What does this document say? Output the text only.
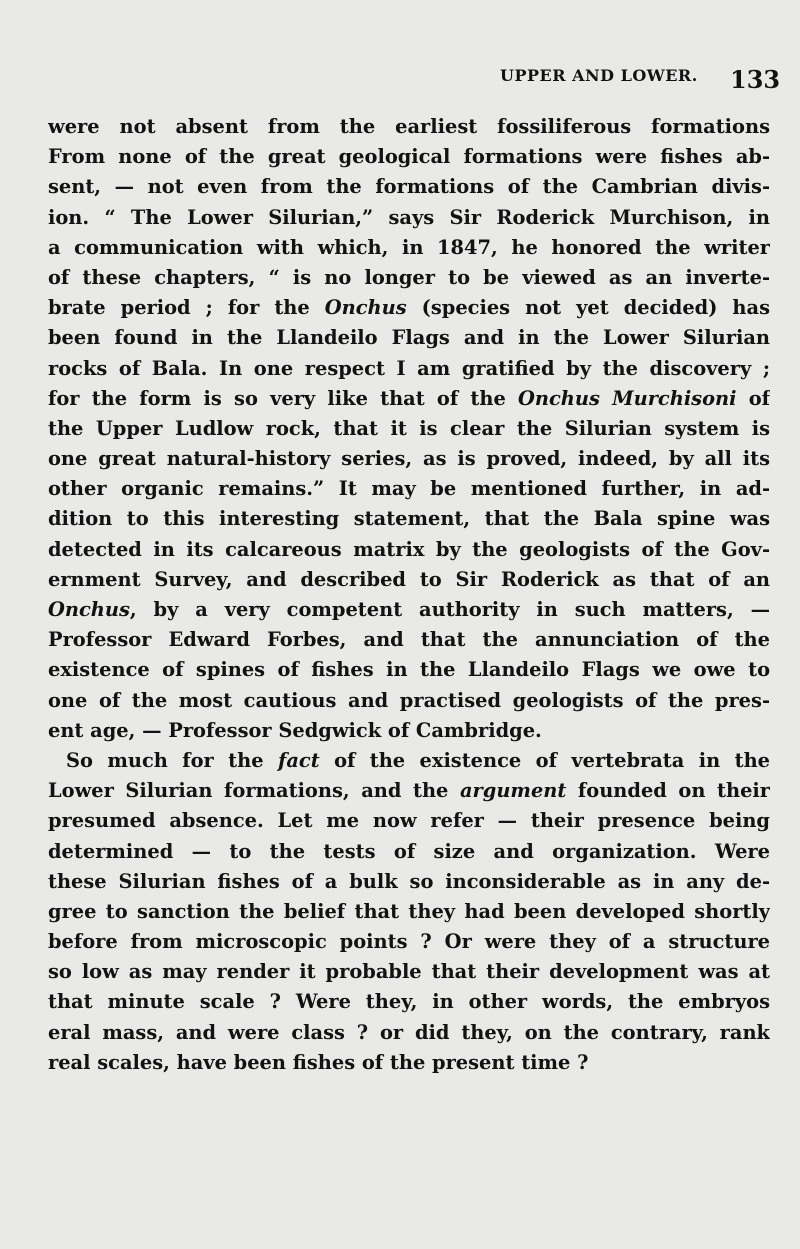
UPPER AND LOWER. 133
were not absent from the earliest fossiliferous formations
From none of the great geological formations were fishes ab-
sent, — not even from the formations of the Cambrian divis-
ion. “ The Lower Silurian,” says Sir Roderick Murchison, in
a communication with which, in 1847, he honored the writer
of these chapters, “ is no longer to be viewed as an inverte-
brate period ; for the Onchus (species not yet decided) has
been found in the Llandeilo Flags and in the Lower Silurian
rocks of Bala. In one respect I am gratified by the discovery ;
for the form is so very like that of the Onchus Murchisoni of
the Upper Ludlow rock, that it is clear the Silurian system is
one great natural-history series, as is proved, indeed, by all its
other organic remains.” It may be mentioned further, in ad-
dition to this interesting statement, that the Bala spine was
detected in its calcareous matrix by the geologists of the Gov-
ernment Survey, and described to Sir Roderick as that of an
Onchus, by a very competent authority in such matters, —
Professor Edward Forbes, and that the annunciation of the
existence of spines of fishes in the Llandeilo Flags we owe to
one of the most cautious and practised geologists of the pres-
ent age, — Professor Sedgwick of Cambridge.
So much for the fact of the existence of vertebrata in the
Lower Silurian formations, and the argument founded on their
presumed absence. Let me now refer — their presence being
determined — to the tests of size and organization. Were
these Silurian fishes of a bulk so inconsiderable as in any de-
gree to sanction the belief that they had been developed shortly
before from microscopic points ? Or were they of a structure
so low as may render it probable that their development was at
that minute scale ? Were they, in other words, the embryos
eral mass, and were class ? or did they, on the contrary, rank
real scales, have been fishes of the present time ?
